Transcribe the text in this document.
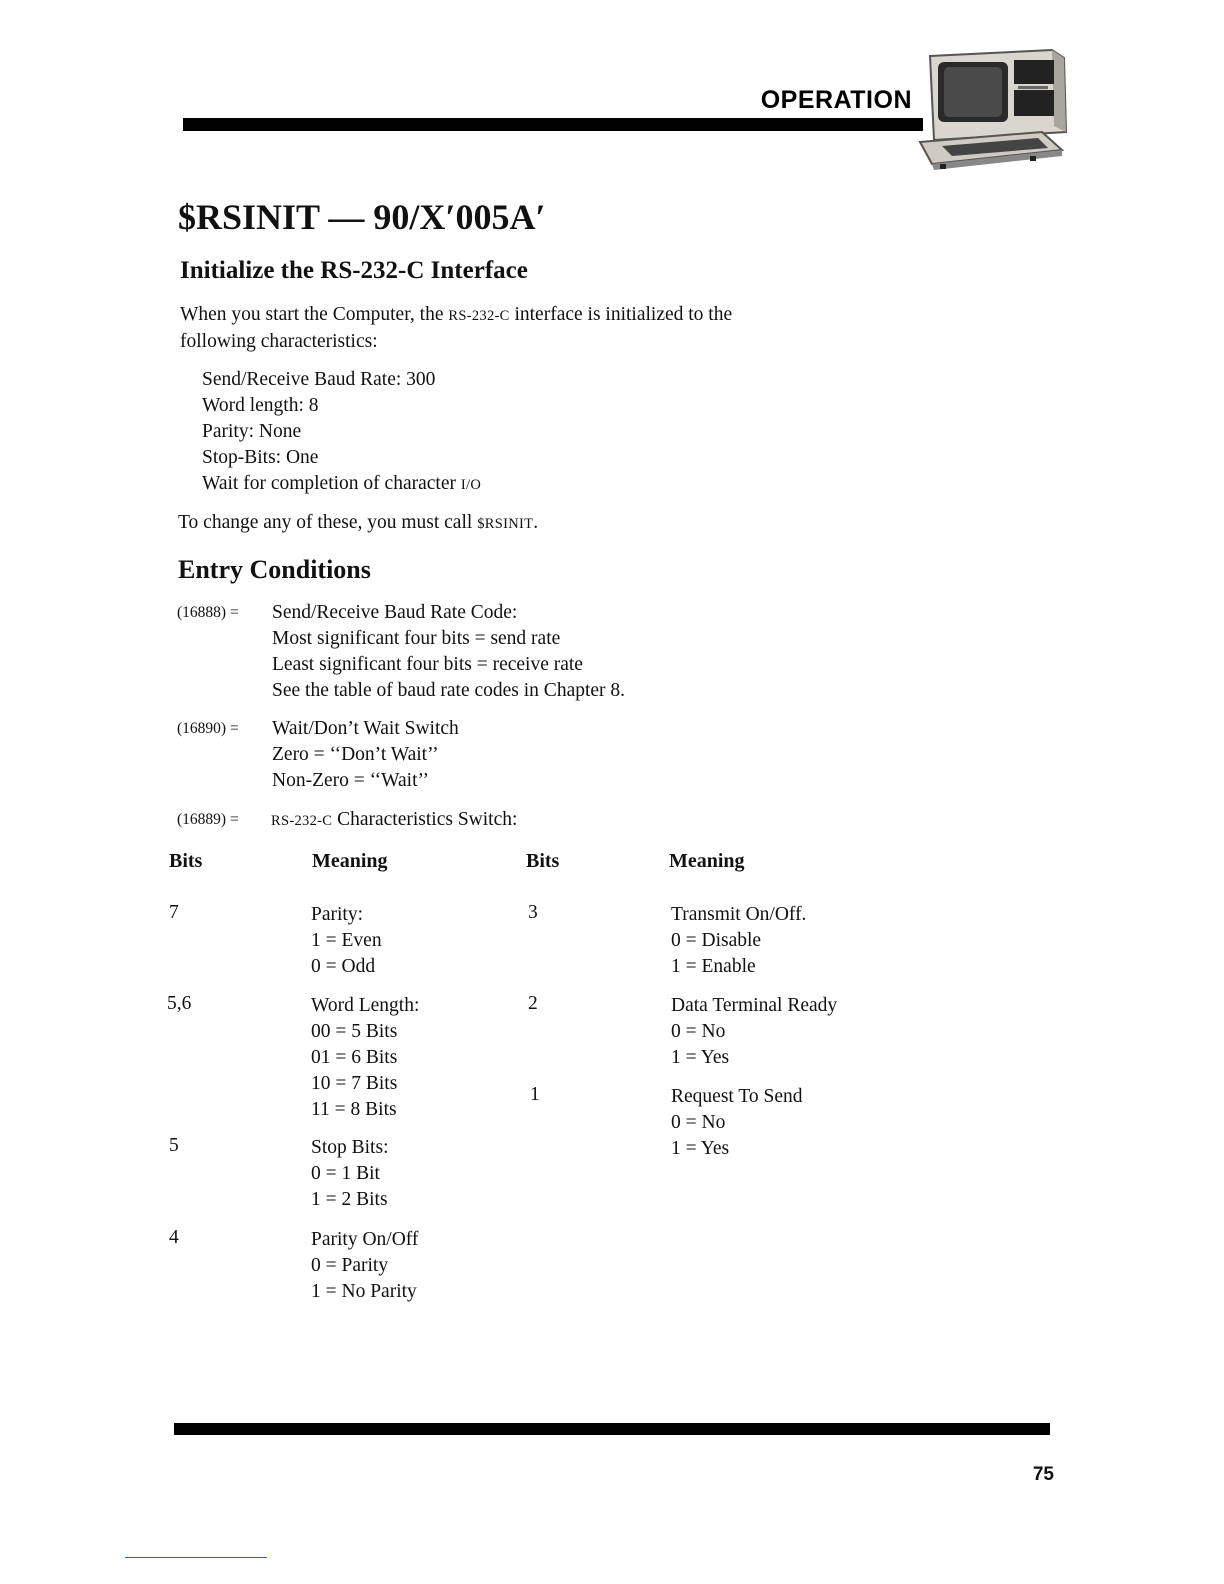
OPERATION
$RSINIT — 90/X′005A′
Initialize the RS-232-C Interface
When you start the Computer, the RS-232-C interface is initialized to the
following characteristics:
Send/Receive Baud Rate: 300
Word length: 8
Parity: None
Stop-Bits: One
Wait for completion of character I/O
To change any of these, you must call $RSINIT.
Entry Conditions
(16888) = Send/Receive Baud Rate Code:
Most significant four bits = send rate
Least significant four bits = receive rate
See the table of baud rate codes in Chapter 8.
(16890) = Wait/Don’t Wait Switch
Zero = ‘‘Don’t Wait’’
Non-Zero = ‘‘Wait’’
(16889) = RS-232-C Characteristics Switch:
Bits	Meaning	Bits	Meaning
7	Parity:
1 = Even
0 = Odd
5,6	Word Length:
00 = 5 Bits
01 = 6 Bits
10 = 7 Bits
11 = 8 Bits
5	Stop Bits:
0 = 1 Bit
1 = 2 Bits
4	Parity On/Off
0 = Parity
1 = No Parity
3	Transmit On/Off.
0 = Disable
1 = Enable
2	Data Terminal Ready
0 = No
1 = Yes
1	Request To Send
0 = No
1 = Yes
75
